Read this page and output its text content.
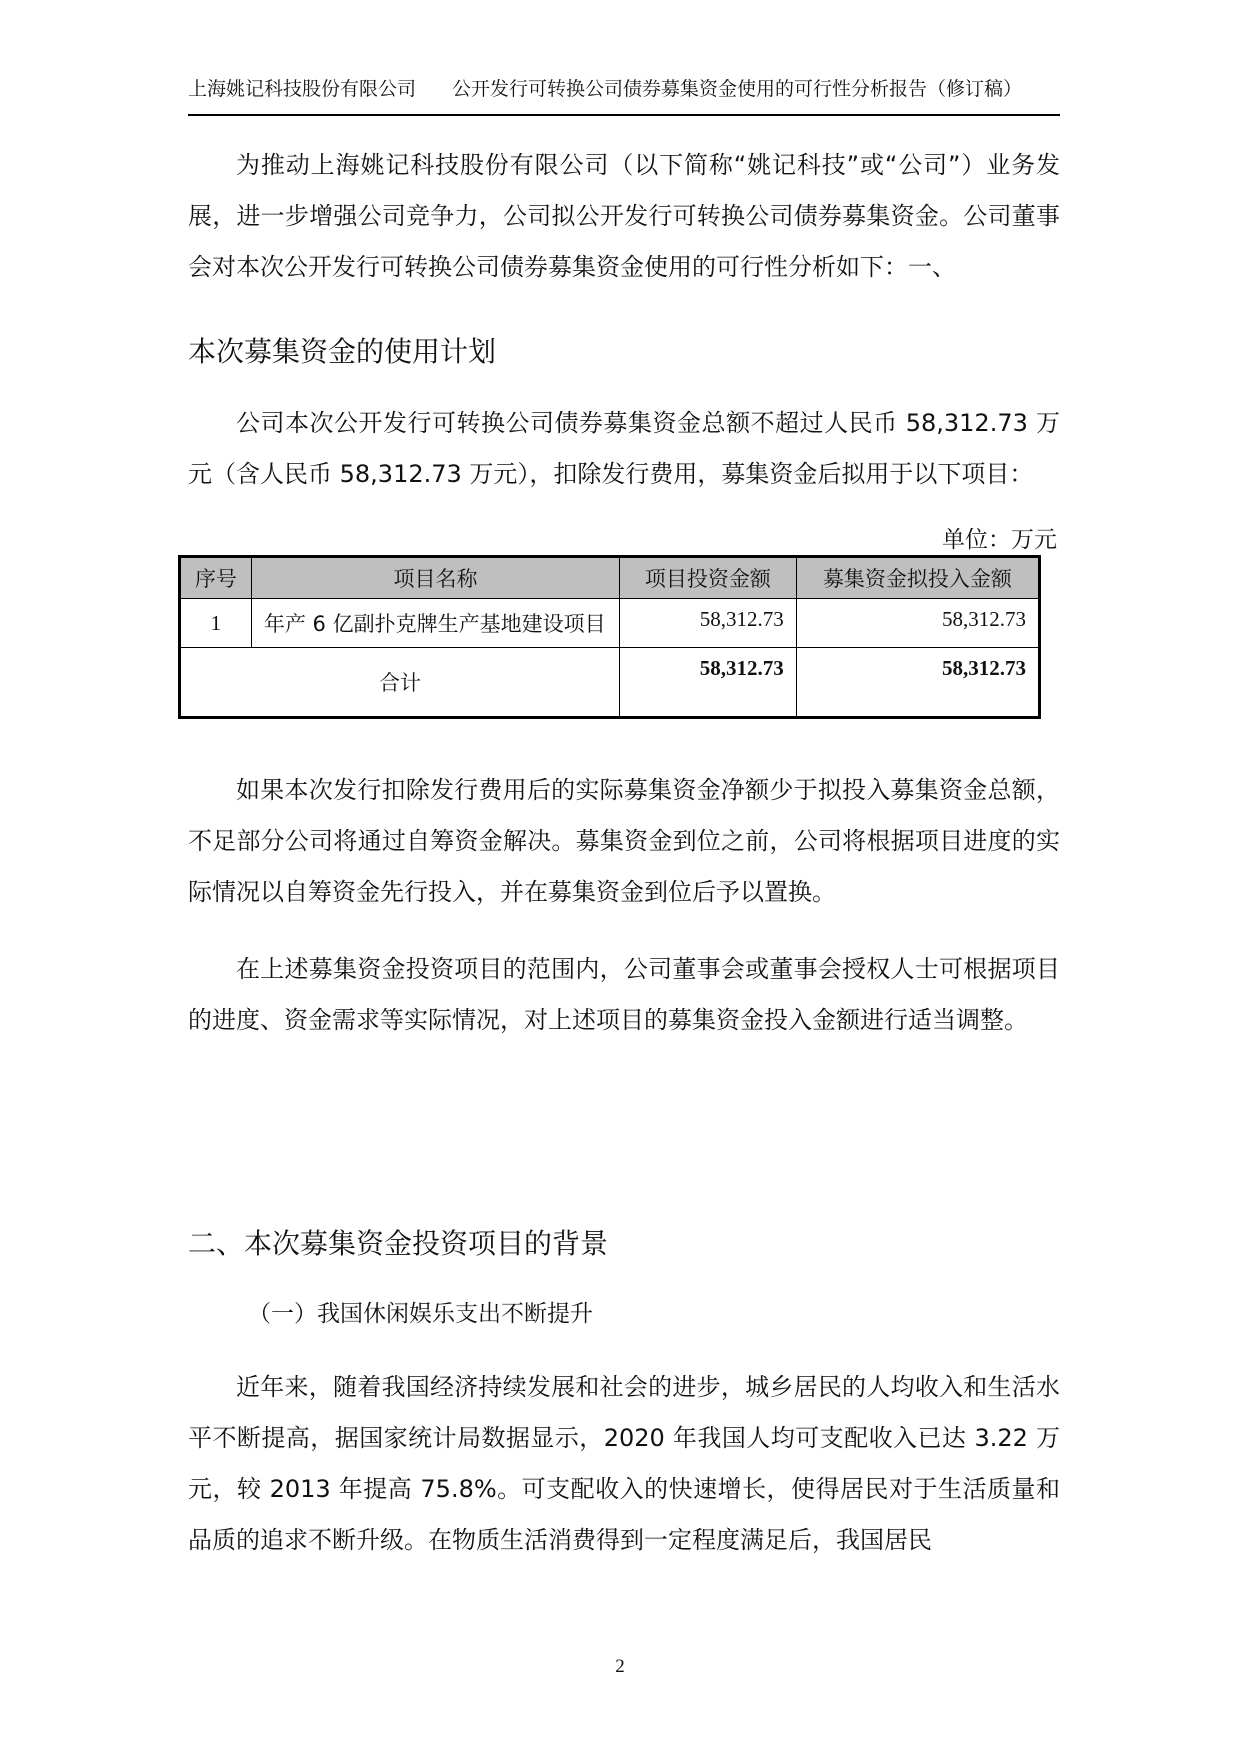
上海姚记科技股份有限公司 公开发行可转换公司债券募集资金使用的可行性分析报告（修订稿）

为推动上海姚记科技股份有限公司（以下简称“姚记科技”或“公司”）业务发展，进一步增强公司竞争力，公司拟公开发行可转换公司债券募集资金。公司董事会对本次公开发行可转换公司债券募集资金使用的可行性分析如下：一、

本次募集资金的使用计划

公司本次公开发行可转换公司债券募集资金总额不超过人民币 58,312.73 万元（含人民币 58,312.73 万元），扣除发行费用，募集资金后拟用于以下项目：

单位：万元
序号	项目名称	项目投资金额	募集资金拟投入金额
1	年产 6 亿副扑克牌生产基地建设项目	58,312.73	58,312.73
合计		58,312.73	58,312.73

如果本次发行扣除发行费用后的实际募集资金净额少于拟投入募集资金总额，不足部分公司将通过自筹资金解决。募集资金到位之前，公司将根据项目进度的实际情况以自筹资金先行投入，并在募集资金到位后予以置换。

在上述募集资金投资项目的范围内，公司董事会或董事会授权人士可根据项目的进度、资金需求等实际情况，对上述项目的募集资金投入金额进行适当调整。

二、本次募集资金投资项目的背景
（一）我国休闲娱乐支出不断提升

近年来，随着我国经济持续发展和社会的进步，城乡居民的人均收入和生活水平不断提高，据国家统计局数据显示，2020 年我国人均可支配收入已达 3.22 万元，较 2013 年提高 75.8%。可支配收入的快速增长，使得居民对于生活质量和品质的追求不断升级。在物质生活消费得到一定程度满足后，我国居民

2
